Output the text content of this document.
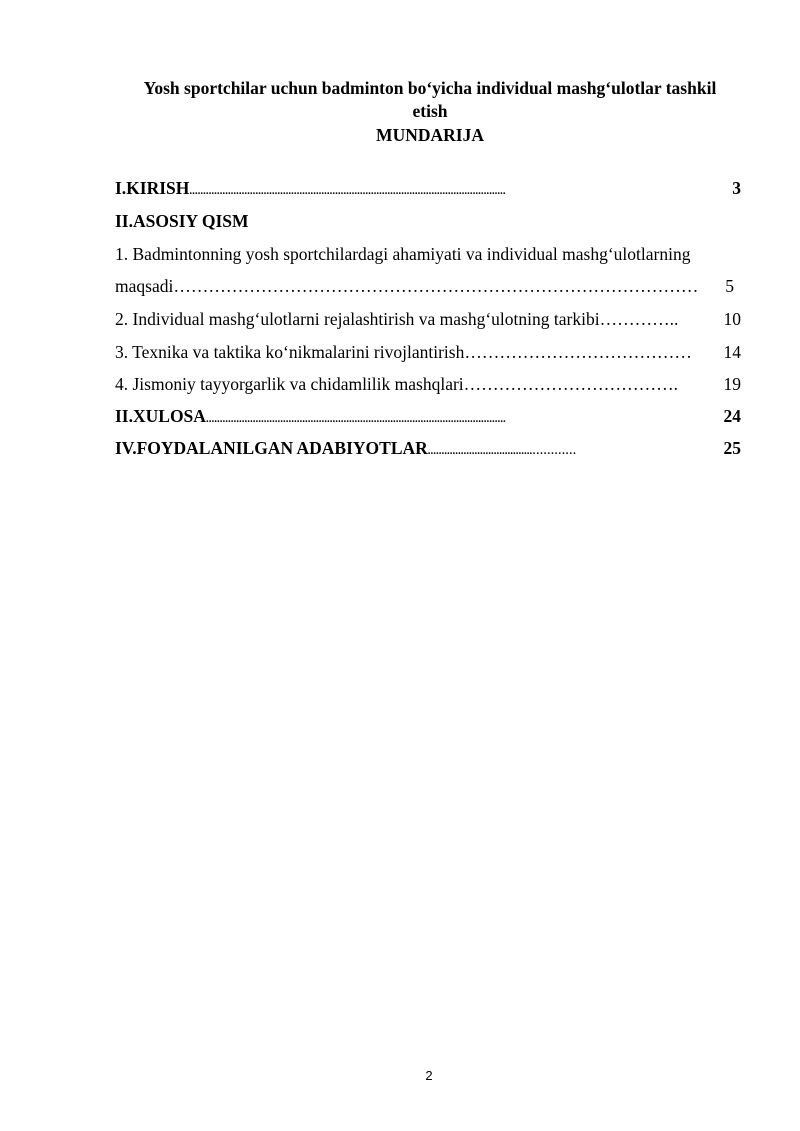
Yosh sportchilar uchun badminton bo‘yicha individual mashg‘ulotlar tashkil
etish
MUNDARIJA
I.KIRISH ...................................................................................................................	3
II.ASOSIY QISM
1. Badmintonning yosh sportchilardagi ahamiyati va individual mashg‘ulotlarning
maqsadi ………………………………………………………………………………	5
2. Individual mashg‘ulotlarni rejalashtirish va mashg‘ulotning tarkibi …………..	10
3. Texnika va taktika ko‘nikmalarini rivojlantirish …………………………………	14
4. Jismoniy tayyorgarlik va chidamlilik mashqlari ……………………………….	19
II.XULOSA .............................................................................................................	24
IV.FOYDALANILGAN ADABIYOTLAR ......................................…………	25
2
